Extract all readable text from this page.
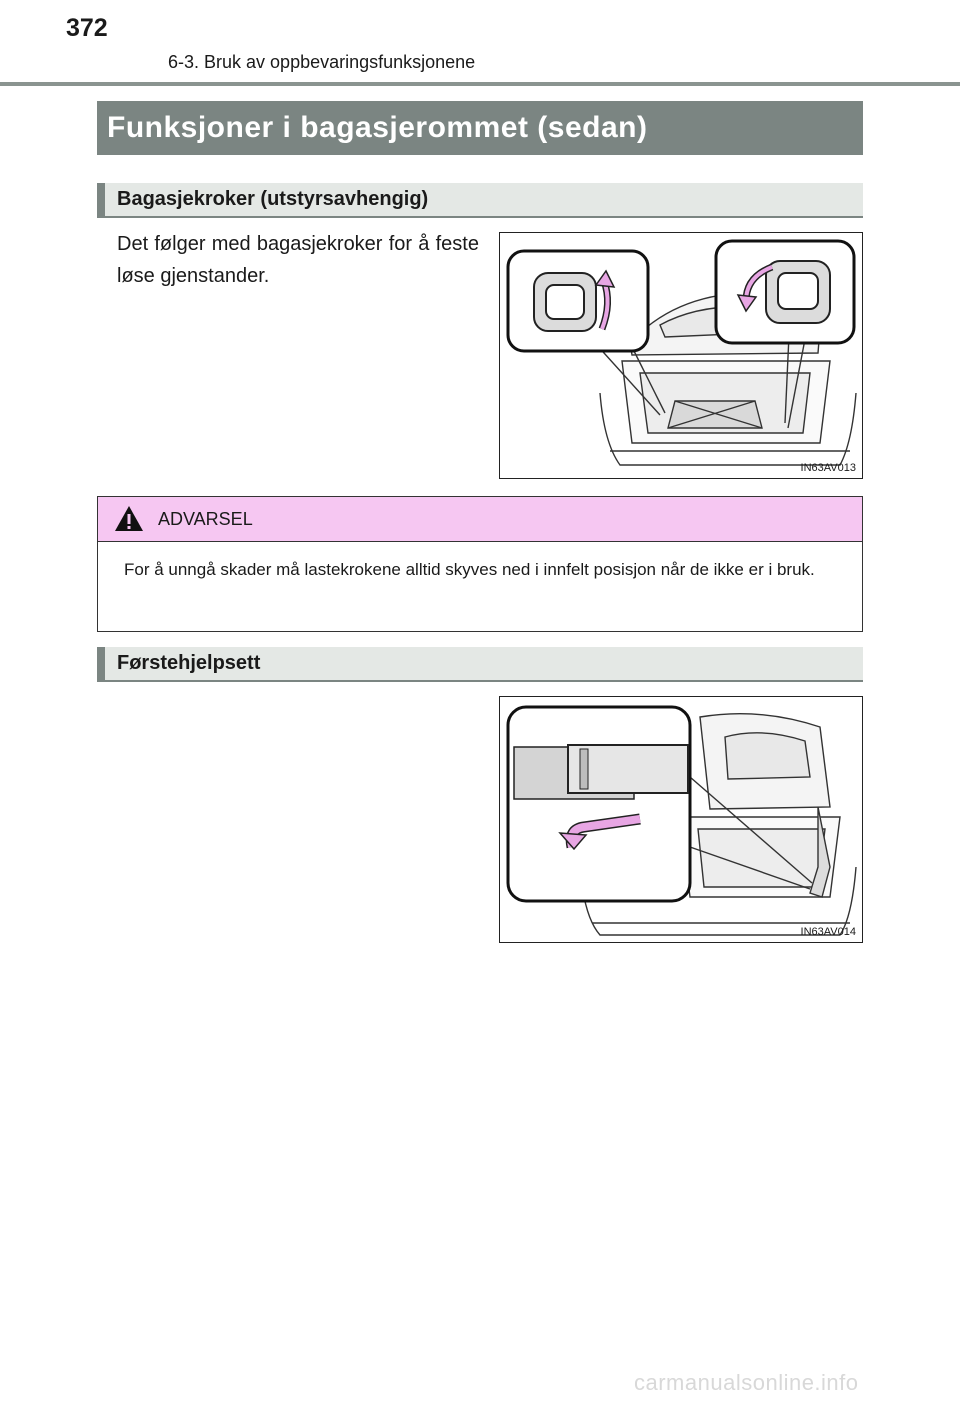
372
6-3. Bruk av oppbevaringsfunksjonene
Funksjoner i bagasjerommet (sedan)
Bagasjekroker (utstyrsavhengig)
Det følger med bagasjekroker for å feste løse gjenstander.
IN63AV013
ADVARSEL
For å unngå skader må lastekrokene alltid skyves ned i innfelt posisjon når de ikke er i bruk.
Førstehjelpsett
IN63AV014
carmanualsonline.info
